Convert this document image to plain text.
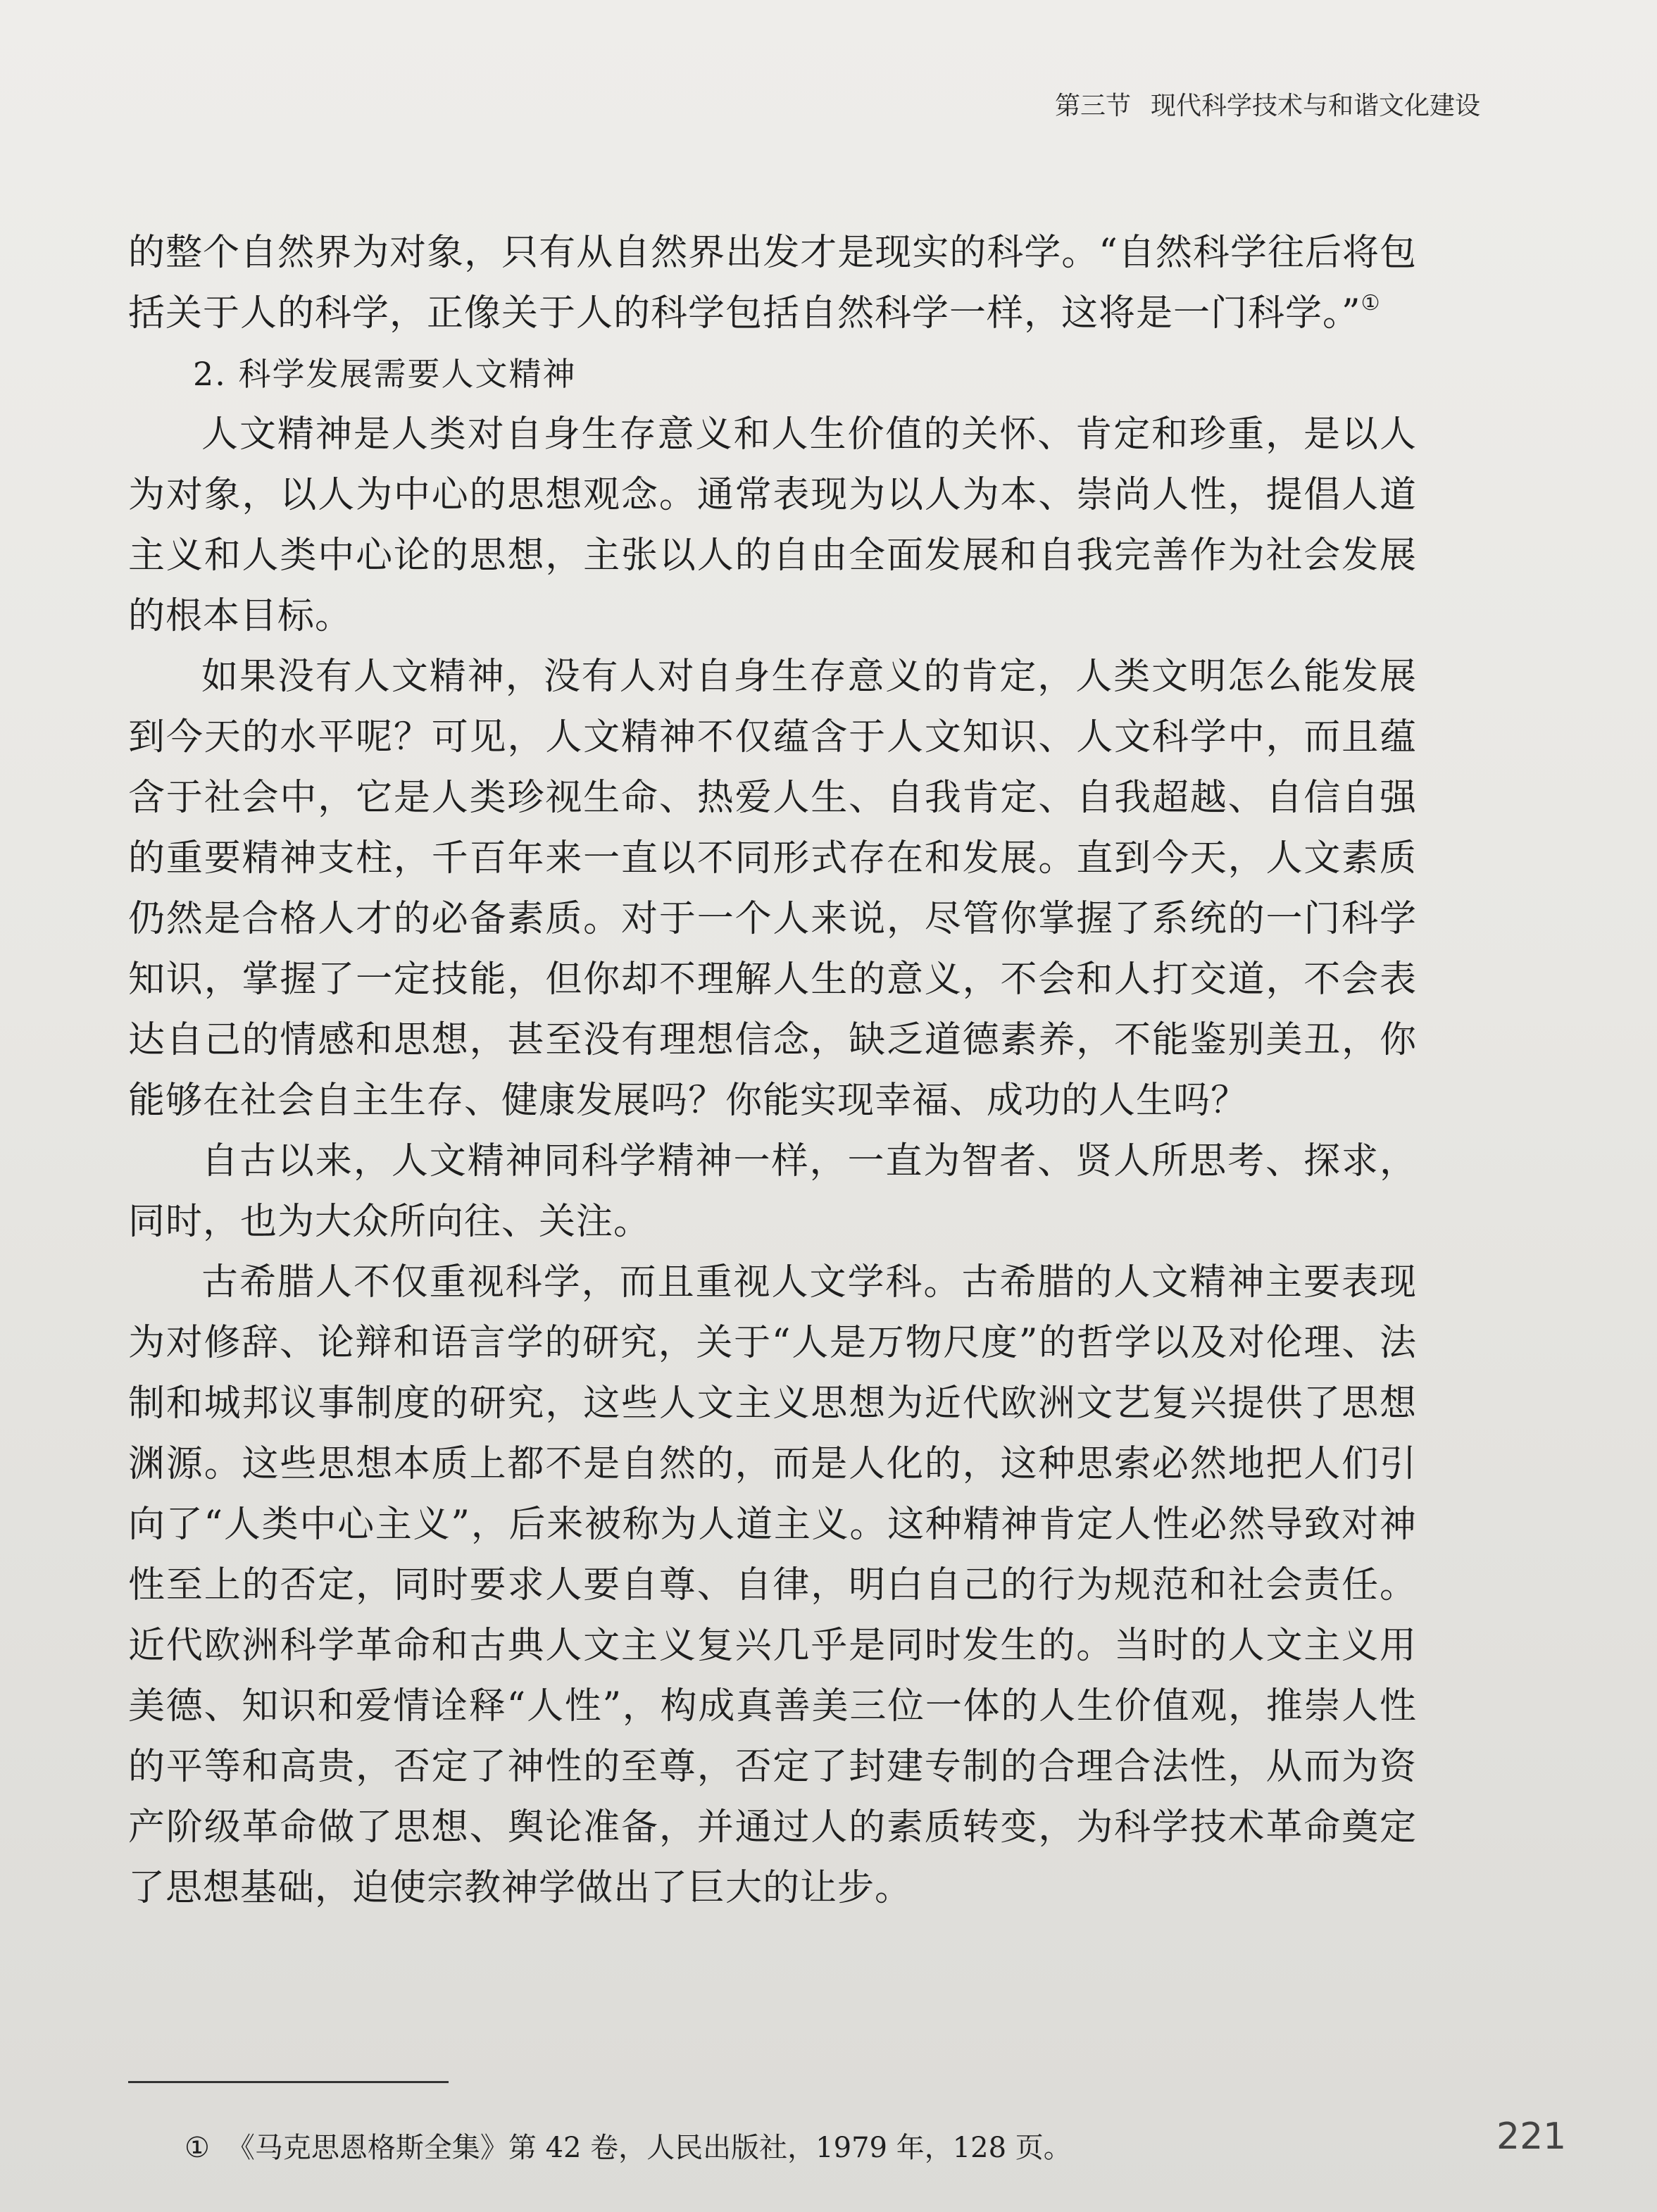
第三节 现代科学技术与和谐文化建设

的整个自然界为对象，只有从自然界出发才是现实的科学。“自然科学往后将包括关于人的科学，正像关于人的科学包括自然科学一样，这将是一门科学。”①

2. 科学发展需要人文精神

人文精神是人类对自身生存意义和人生价值的关怀、肯定和珍重，是以人为对象，以人为中心的思想观念。通常表现为以人为本、崇尚人性，提倡人道主义和人类中心论的思想，主张以人的自由全面发展和自我完善作为社会发展的根本目标。

如果没有人文精神，没有人对自身生存意义的肯定，人类文明怎么能发展到今天的水平呢？可见，人文精神不仅蕴含于人文知识、人文科学中，而且蕴含于社会中，它是人类珍视生命、热爱人生、自我肯定、自我超越、自信自强的重要精神支柱，千百年来一直以不同形式存在和发展。直到今天，人文素质仍然是合格人才的必备素质。对于一个人来说，尽管你掌握了系统的一门科学知识，掌握了一定技能，但你却不理解人生的意义，不会和人打交道，不会表达自己的情感和思想，甚至没有理想信念，缺乏道德素养，不能鉴别美丑，你能够在社会自主生存、健康发展吗？你能实现幸福、成功的人生吗？

自古以来，人文精神同科学精神一样，一直为智者、贤人所思考、探求，同时，也为大众所向往、关注。

古希腊人不仅重视科学，而且重视人文学科。古希腊的人文精神主要表现为对修辞、论辩和语言学的研究，关于“人是万物尺度”的哲学以及对伦理、法制和城邦议事制度的研究，这些人文主义思想为近代欧洲文艺复兴提供了思想渊源。这些思想本质上都不是自然的，而是人化的，这种思索必然地把人们引向了“人类中心主义”，后来被称为人道主义。这种精神肯定人性必然导致对神性至上的否定，同时要求人要自尊、自律，明白自己的行为规范和社会责任。近代欧洲科学革命和古典人文主义复兴几乎是同时发生的。当时的人文主义用美德、知识和爱情诠释“人性”，构成真善美三位一体的人生价值观，推崇人性的平等和高贵，否定了神性的至尊，否定了封建专制的合理合法性，从而为资产阶级革命做了思想、舆论准备，并通过人的素质转变，为科学技术革命奠定了思想基础，迫使宗教神学做出了巨大的让步。

① 《马克思恩格斯全集》第 42 卷，人民出版社，1979 年，128 页。	221
